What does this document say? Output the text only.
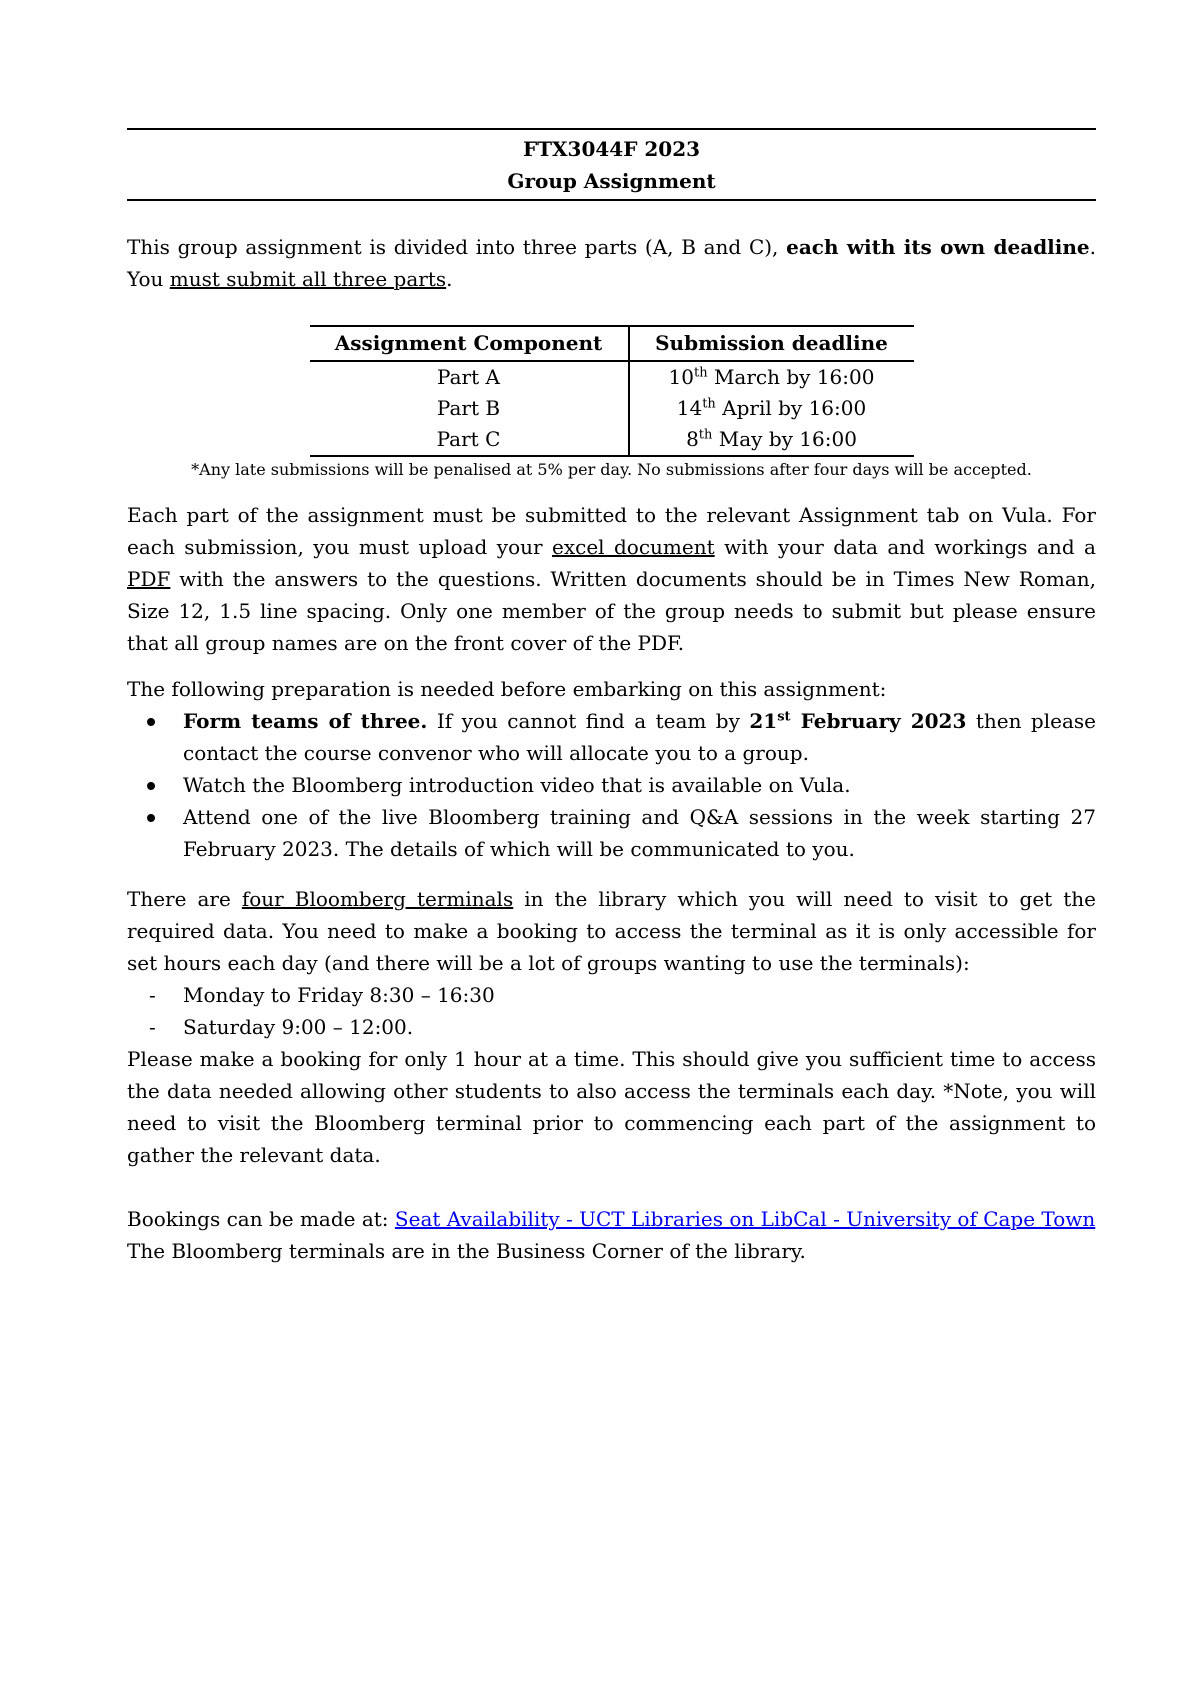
FTX3044F 2023
Group Assignment

This group assignment is divided into three parts (A, B and C), each with its own deadline. You must submit all three parts.

Assignment Component	Submission deadline
Part A	10th March by 16:00
Part B	14th April by 16:00
Part C	8th May by 16:00
*Any late submissions will be penalised at 5% per day. No submissions after four days will be accepted.

Each part of the assignment must be submitted to the relevant Assignment tab on Vula. For each submission, you must upload your excel document with your data and workings and a PDF with the answers to the questions. Written documents should be in Times New Roman, Size 12, 1.5 line spacing. Only one member of the group needs to submit but please ensure that all group names are on the front cover of the PDF.

The following preparation is needed before embarking on this assignment:

Form teams of three. If you cannot find a team by 21st February 2023 then please contact the course convenor who will allocate you to a group.
Watch the Bloomberg introduction video that is available on Vula.
Attend one of the live Bloomberg training and Q&A sessions in the week starting 27 February 2023. The details of which will be communicated to you.

There are four Bloomberg terminals in the library which you will need to visit to get the required data. You need to make a booking to access the terminal as it is only accessible for set hours each day (and there will be a lot of groups wanting to use the terminals):

- Monday to Friday 8:30 – 16:30
- Saturday 9:00 – 12:00.

Please make a booking for only 1 hour at a time. This should give you sufficient time to access the data needed allowing other students to also access the terminals each day. *Note, you will need to visit the Bloomberg terminal prior to commencing each part of the assignment to gather the relevant data.

Bookings can be made at: Seat Availability - UCT Libraries on LibCal - University of Cape Town

The Bloomberg terminals are in the Business Corner of the library.
